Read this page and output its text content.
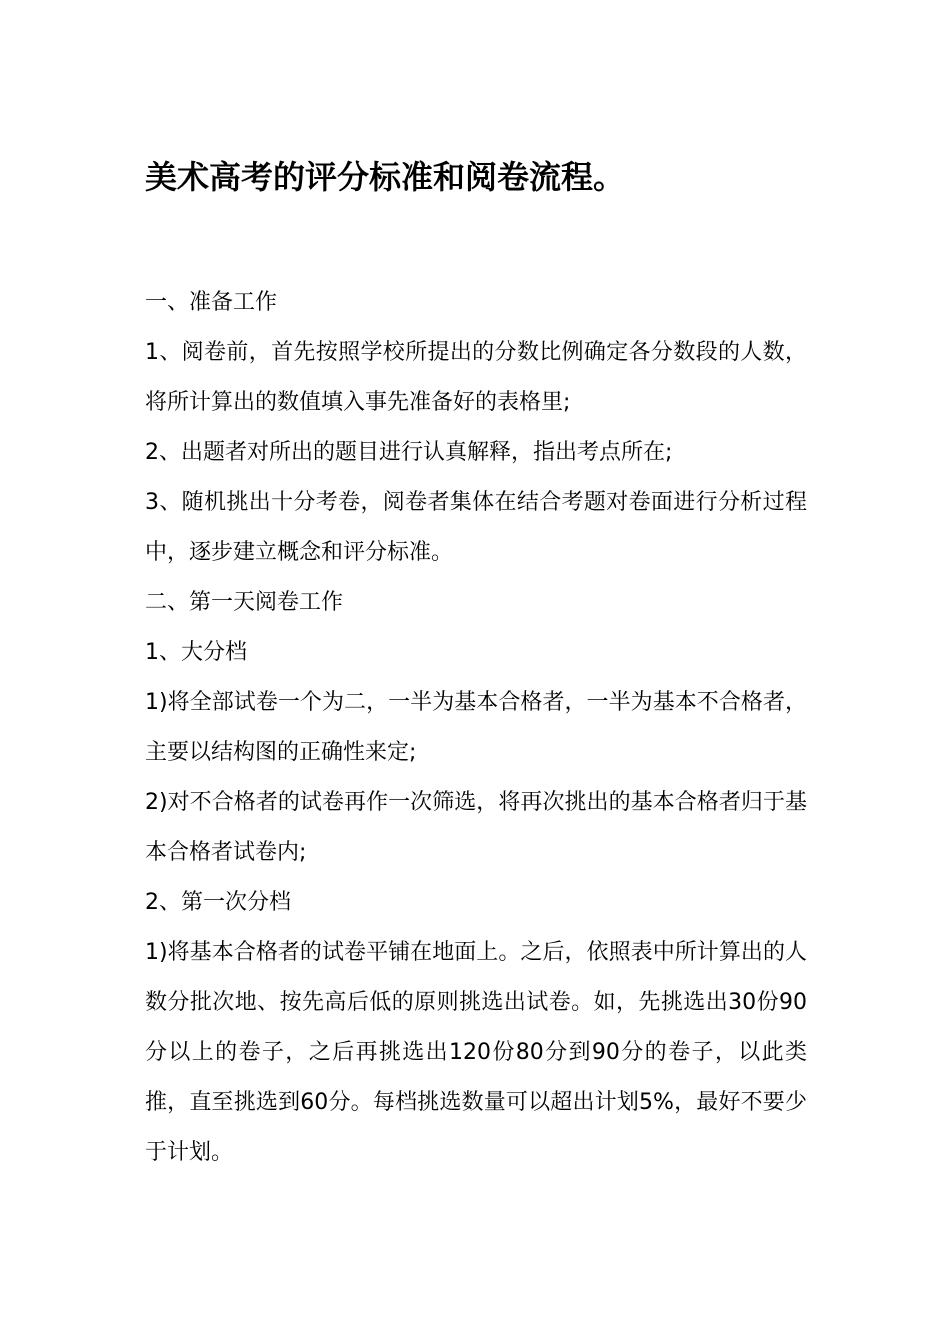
美术高考的评分标准和阅卷流程。

一、准备工作

1、阅卷前，首先按照学校所提出的分数比例确定各分数段的人数，将所计算出的数值填入事先准备好的表格里;

2、出题者对所出的题目进行认真解释，指出考点所在;

3、随机挑出十分考卷，阅卷者集体在结合考题对卷面进行分析过程中，逐步建立概念和评分标准。

二、第一天阅卷工作

1、大分档

1)将全部试卷一个为二，一半为基本合格者，一半为基本不合格者，主要以结构图的正确性来定;

2)对不合格者的试卷再作一次筛选，将再次挑出的基本合格者归于基本合格者试卷内;

2、第一次分档

1)将基本合格者的试卷平铺在地面上。之后，依照表中所计算出的人数分批次地、按先高后低的原则挑选出试卷。如，先挑选出30份90分以上的卷子，之后再挑选出120份80分到90分的卷子，以此类推，直至挑选到60分。每档挑选数量可以超出计划5%，最好不要少于计划。
